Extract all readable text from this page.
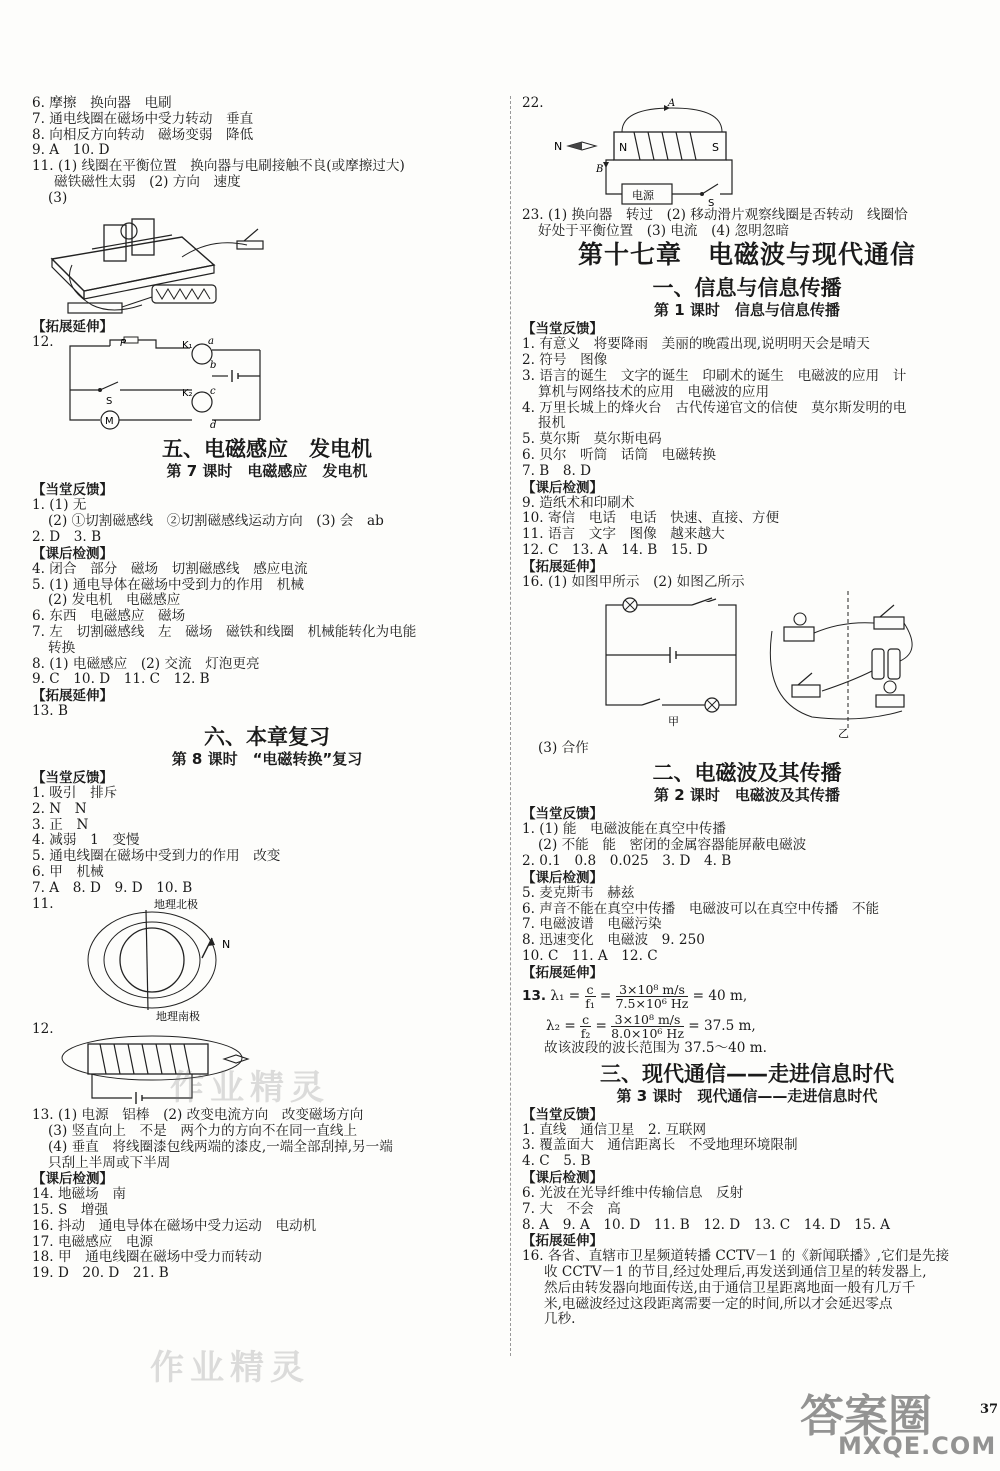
6. 摩擦　换向器　电刷
7. 通电线圈在磁场中受力转动　垂直
8. 向相反方向转动　磁场变弱　降低
9. A　10. D
11. (1) 线圈在平衡位置　换向器与电刷接触不良(或摩擦过大)
磁铁磁性太弱　(2) 方向　速度
(3)
【拓展延伸】
12.	P	K₁ a
b
K₂ c
d
M
S
五、电磁感应　发电机
第 7 课时　电磁感应　发电机
【当堂反馈】
1. (1) 无
(2) ①切割磁感线　②切割磁感线运动方向　(3) 会　ab
2. D　3. B
【课后检测】
4. 闭合　部分　磁场　切割磁感线　感应电流
5. (1) 通电导体在磁场中受到力的作用　机械
(2) 发电机　电磁感应
6. 东西　电磁感应　磁场
7. 左　切割磁感线　左　磁场　磁铁和线圈　机械能转化为电能
转换
8. (1) 电磁感应　(2) 交流　灯泡更亮
9. C　10. D　11. C　12. B
【拓展延伸】
13. B
六、本章复习
第 8 课时　“电磁转换”复习
【当堂反馈】
1. 吸引　排斥
2. N　N
3. 正　N
4. 减弱　1　变慢
5. 通电线圈在磁场中受到力的作用　改变
6. 甲　机械
7. A　8. D　9. D　10. B
11.	地理北极
地理南极
N
12.
13. (1) 电源　铝棒　(2) 改变电流方向　改变磁场方向
(3) 竖直向上　不是　两个力的方向不在同一直线上
(4) 垂直　将线圈漆包线两端的漆皮,一端全部刮掉,另一端
只刮上半周或下半周
【课后检测】
14. 地磁场　南
15. S　增强
16. 抖动　通电导体在磁场中受力运动　电动机
17. 电磁感应　电源
18. 甲　通电线圈在磁场中受力而转动
19. D　20. D　21. B
22.	A
N	S
N
B
电源
S
23. (1) 换向器　转过　(2) 移动滑片观察线圈是否转动　线圈恰
好处于平衡位置　(3) 电流　(4) 忽明忽暗
第十七章　电磁波与现代通信
一、信息与信息传播
第 1 课时　信息与信息传播
【当堂反馈】
1. 有意义　将要降雨　美丽的晚霞出现,说明明天会是晴天
2. 符号　图像
3. 语言的诞生　文字的诞生　印刷术的诞生　电磁波的应用　计
算机与网络技术的应用　电磁波的应用
4. 万里长城上的烽火台　古代传递官文的信使　莫尔斯发明的电
报机
5. 莫尔斯　莫尔斯电码
6. 贝尔　听筒　话筒　电磁转换
7. B　8. D
【课后检测】
9. 造纸术和印刷术
10. 寄信　电话　电话　快速、直接、方便
11. 语言　文字　图像　越来越大
12. C　13. A　14. B　15. D
【拓展延伸】
16. (1) 如图甲所示　(2) 如图乙所示
甲
乙
(3) 合作
二、电磁波及其传播
第 2 课时　电磁波及其传播
【当堂反馈】
1. (1) 能　电磁波能在真空中传播
(2) 不能　能　密闭的金属容器能屏蔽电磁波
2. 0.1　0.8　0.025　3. D　4. B
【课后检测】
5. 麦克斯韦　赫兹
6. 声音不能在真空中传播　电磁波可以在真空中传播　不能
7. 电磁波谱　电磁污染
8. 迅速变化　电磁波　9. 250
10. C　11. A　12. C
【拓展延伸】
13. $\lambda_1 = \frac{c}{\text{f₁}} = \frac{\text{3×10⁸ m/s}}{\text{7.5×10⁶ Hz}} = 40$ m,
$\lambda_2 = \frac{c}{\text{f₂}} = \frac{\text{3×10⁸ m/s}}{\text{8.0×10⁶ Hz}} = 37.5$ m,
故该波段的波长范围为 37.5～40 m.
三、现代通信——走进信息时代
第 3 课时　现代通信——走进信息时代
【当堂反馈】
1. 直线　通信卫星　2. 互联网
3. 覆盖面大　通信距离长　不受地理环境限制
4. C　5. B
【课后检测】
6. 光波在光导纤维中传输信息　反射
7. 大　不会　高
8. A　9. A　10. D　11. B　12. D　13. C　14. D　15. A
【拓展延伸】
16. 各省、直辖市卫星频道转播 CCTV－1 的《新闻联播》,它们是先接
收 CCTV－1 的节目,经过处理后,再发送到通信卫星的转发器上,
然后由转发器向地面传送,由于通信卫星距离地面一般有几万千
米,电磁波经过这段距离需要一定的时间,所以才会延迟零点
几秒.
作业精灵
作业精灵
答案圈
MXQE.COM
37
